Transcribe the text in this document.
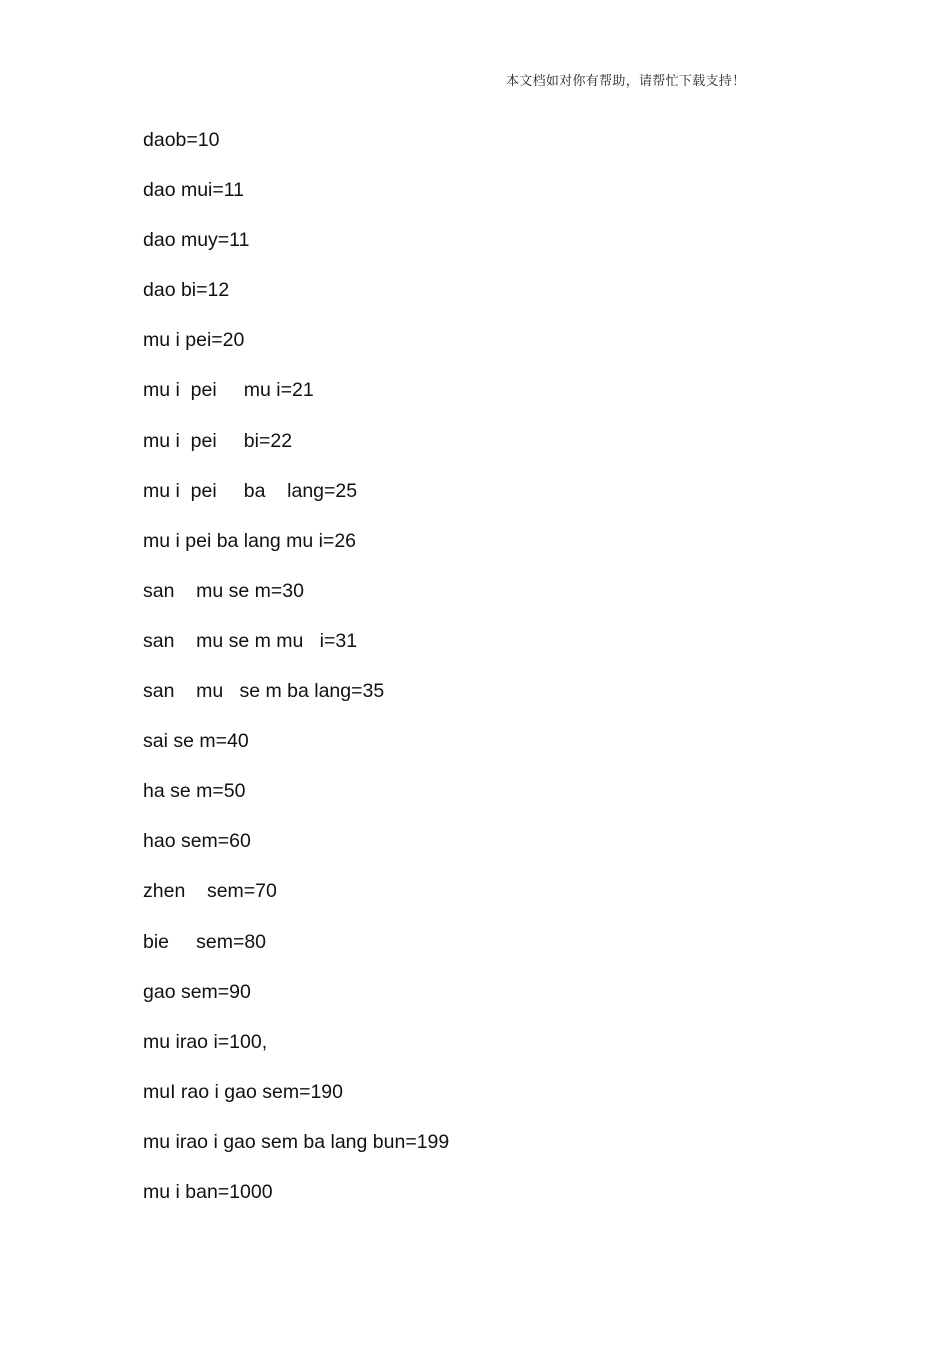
本文档如对你有帮助，请帮忙下载支持！
daob=10
dao mui=11
dao muy=11
dao bi=12
mu i pei=20
mu i  pei     mu i=21
mu i  pei     bi=22
mu i  pei     ba    lang=25
mu i pei ba lang mu i=26
san    mu se m=30
san    mu se m mu   i=31
san    mu   se m ba lang=35
sai se m=40
ha se m=50
hao sem=60
zhen    sem=70
bie     sem=80
gao sem=90
mu irao i=100,
muI rao i gao sem=190
mu irao i gao sem ba lang bun=199
mu i ban=1000
